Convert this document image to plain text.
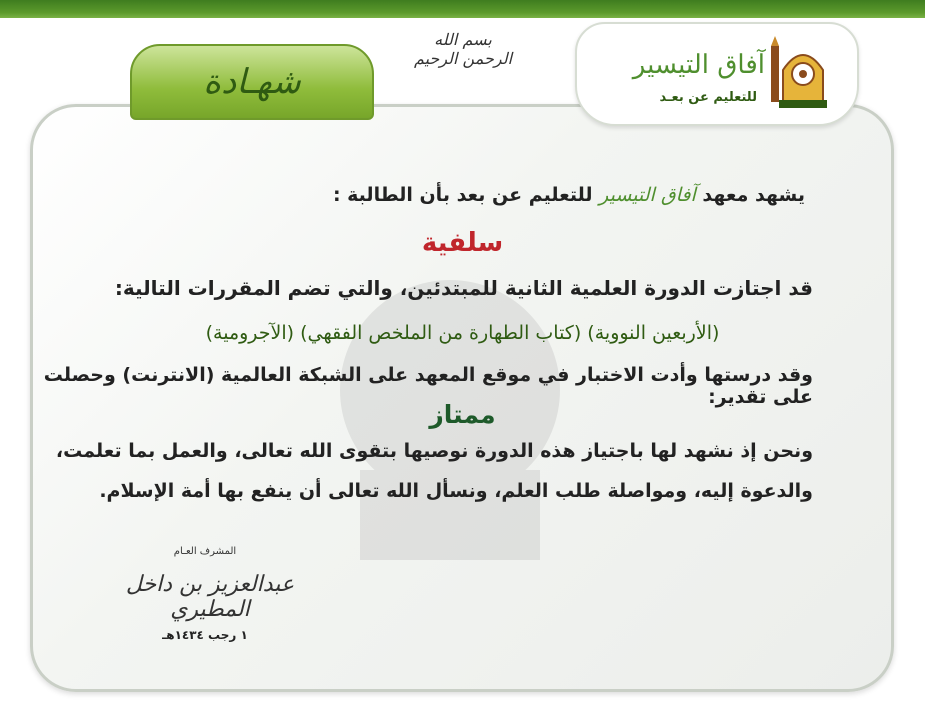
شهـادة
بسم الله الرحمن الرحيم	آفاق التيسير
للتعليم عن بعـد
يشهد معهد آفاق التيسير للتعليم عن بعد بأن الطالبة :
سلفية
قد اجتازت الدورة العلمية الثانية للمبتدئين، والتي تضم المقررات التالية:
(الأربعين النووية) (كتاب الطهارة من الملخص الفقهي) (الآجرومية)
وقد درستها وأدت الاختبار في موقع المعهد على الشبكة العالمية (الانترنت) وحصلت على تقدير:
ممتاز
ونحن إذ نشهد لها باجتياز هذه الدورة نوصيها بتقوى الله تعالى، والعمل بما تعلمت،
والدعوة إليه، ومواصلة طلب العلم، ونسأل الله تعالى أن ينفع بها أمة الإسلام.
المشرف العـام
عبدالعزيز بن داخل المطيري
١ رجب ١٤٣٤هـ
